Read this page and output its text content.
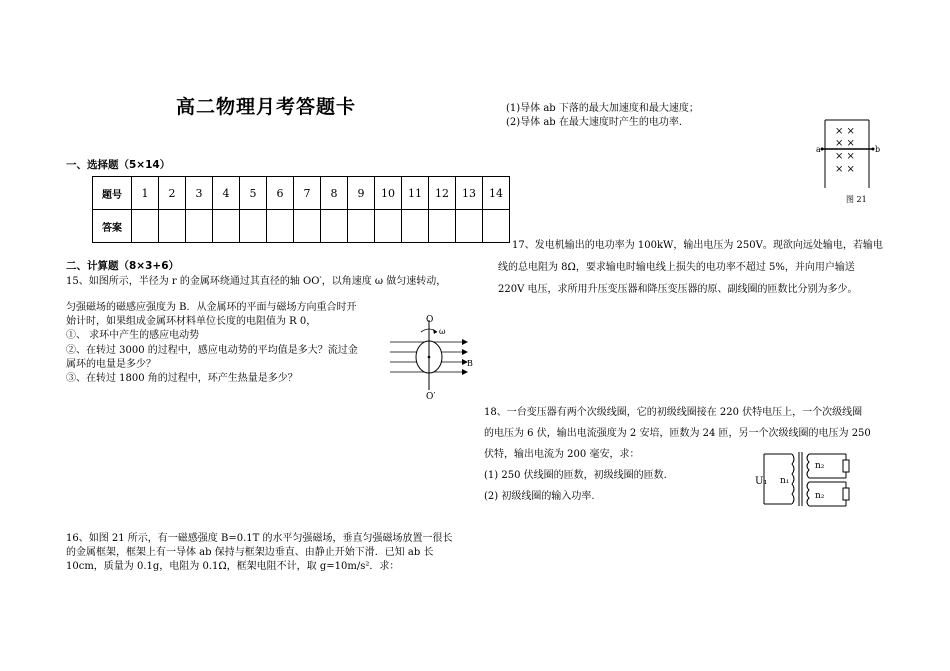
高二物理月考答题卡
一、选择题（5×14）
题号	1	2	3	4	5	6	7	8	9	10	11	12	13	14
答案														
二、计算题（8×3+6）
15、如图所示，半径为 r 的金属环绕通过其直径的轴 OO′，以角速度 ω 做匀速转动，
匀强磁场的磁感应强度为 B．从金属环的平面与磁场方向重合时开
始计时，如果组成金属环材料单位长度的电阻值为 R 0，
①、 求环中产生的感应电动势
②、在转过 3000 的过程中，感应电动势的平均值是多大？流过金
属环的电量是多少？
③、在转过 1800 角的过程中，环产生热量是多少？
O
O′
ω
B
16、如图 21 所示，有一磁感强度 B=0.1T 的水平匀强磁场，垂直匀强磁场放置一很长
的金属框架，框架上有一导体 ab 保持与框架边垂直、由静止开始下滑．已知 ab 长
10cm，质量为 0.1g，电阻为 0.1Ω，框架电阻不计，取 g=10m/s²．求：
(1)导体 ab 下落的最大加速度和最大速度；
(2)导体 ab 在最大速度时产生的电功率.
× ×
× ×
× ×
× ×
a	b
图 21
17、发电机输出的电功率为 100kW，输出电压为 250V。现欲向远处输电，若输电
线的总电阻为 8Ω，要求输电时输电线上损失的电功率不超过 5%，并向用户输送
220V 电压，求所用升压变压器和降压变压器的原、副线圈的匝数比分别为多少。
18、一台变压器有两个次级线圈，它的初级线圈接在 220 伏特电压上，一个次级线圈
的电压为 6 伏，输出电流强度为 2 安培，匝数为 24 匝，另一个次级线圈的电压为 250
伏特，输出电流为 200 毫安，求：
(1) 250 伏线圈的匝数，初级线圈的匝数.
(2) 初级线圈的输入功率.
U₁ n₁
n₂
n₂
